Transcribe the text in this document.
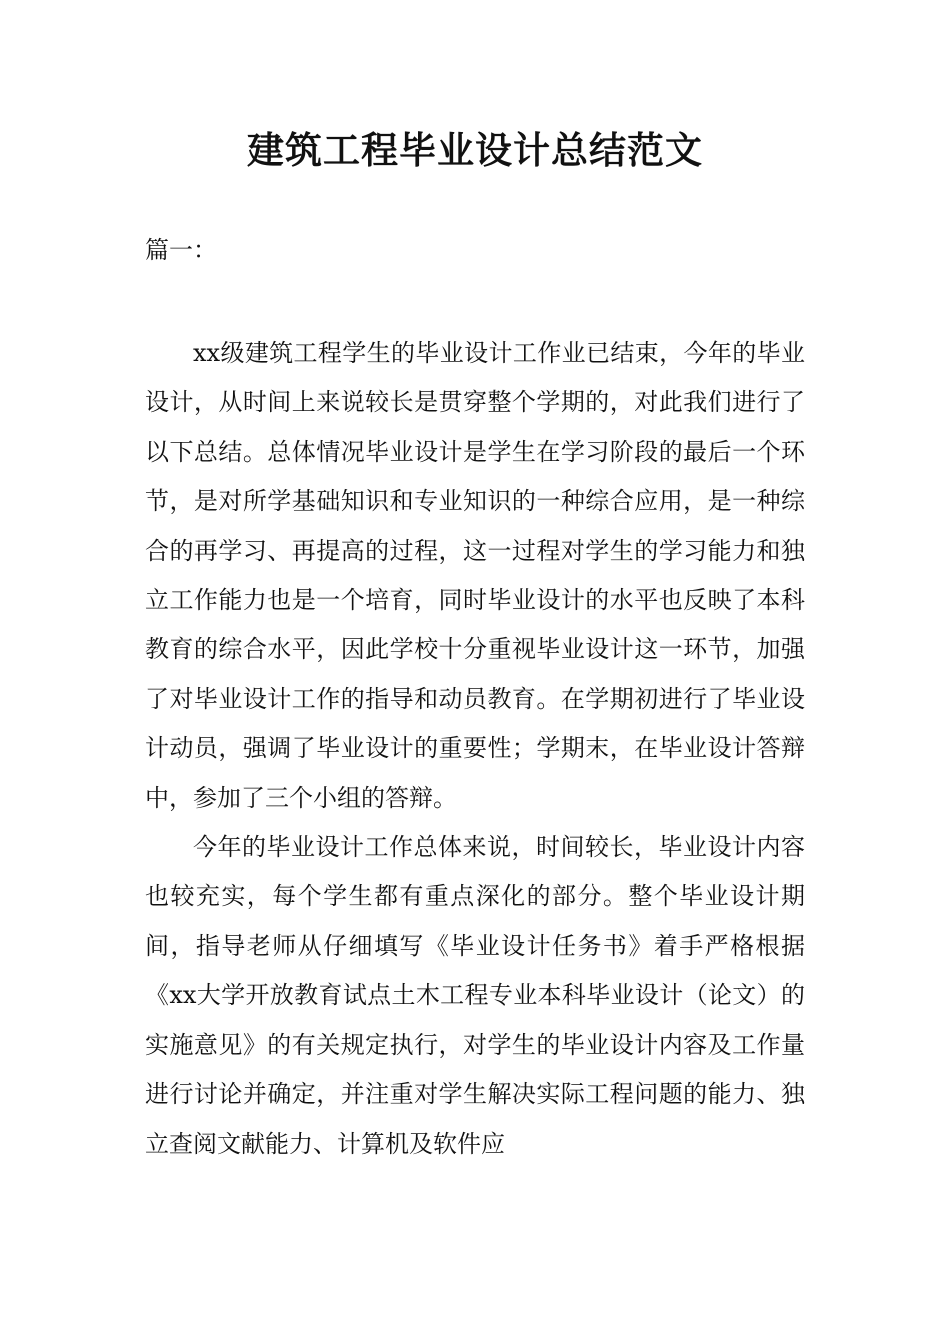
建筑工程毕业设计总结范文
篇一：

xx级建筑工程学生的毕业设计工作业已结束，今年的毕业设计，从时间上来说较长是贯穿整个学期的，对此我们进行了以下总结。总体情况毕业设计是学生在学习阶段的最后一个环节，是对所学基础知识和专业知识的一种综合应用，是一种综合的再学习、再提高的过程，这一过程对学生的学习能力和独立工作能力也是一个培育，同时毕业设计的水平也反映了本科教育的综合水平，因此学校十分重视毕业设计这一环节，加强了对毕业设计工作的指导和动员教育。在学期初进行了毕业设计动员，强调了毕业设计的重要性；学期末，在毕业设计答辩中，参加了三个小组的答辩。

今年的毕业设计工作总体来说，时间较长，毕业设计内容也较充实，每个学生都有重点深化的部分。整个毕业设计期间，指导老师从仔细填写《毕业设计任务书》着手严格根据《xx大学开放教育试点土木工程专业本科毕业设计（论文）的实施意见》的有关规定执行，对学生的毕业设计内容及工作量进行讨论并确定，并注重对学生解决实际工程问题的能力、独立查阅文献能力、计算机及软件应
